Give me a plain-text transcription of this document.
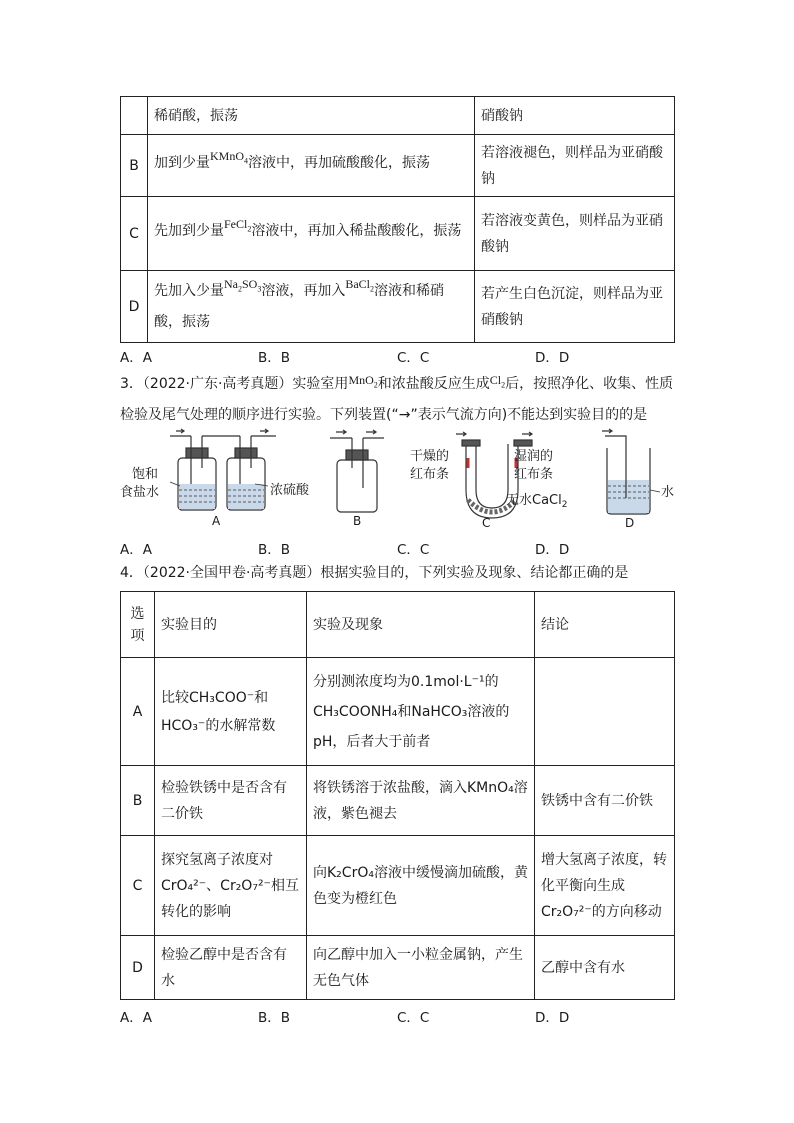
	稀硝酸，振荡	硝酸钠
B	加到少量KMnO$_4$溶液中，再加硫酸酸化，振荡	若溶液褪色，则样品为亚硝酸钠
C	先加到少量FeCl$_2$溶液中，再加入稀盐酸酸化，振荡	若溶液变黄色，则样品为亚硝酸钠
D	先加入少量$Na_2SO_3$溶液，再加入BaCl$_2$溶液和稀硝酸，振荡	若产生白色沉淀，则样品为亚硝酸钠
A．A	B．B	C．C	D．D
3．（2022·广东·高考真题）实验室用MnO$_2$和浓盐酸反应生成$Cl_2$后，按照净化、收集、性质检验及尾气处理的顺序进行实验。下列装置(“→”表示气流方向)不能达到实验目的的是
饱和
食盐水	浓硫酸
干燥的
红布条
湿润的
红布条
无水CaCl$_2$
水
A	B	C	D
A．A	B．B	C．C	D．D
4．（2022·全国甲卷·高考真题）根据实验目的，下列实验及现象、结论都正确的是
选项	实验目的	实验及现象	结论
A	比较CH₃COO⁻和HCO₃⁻的水解常数	分别测浓度均为0.1mol·L⁻¹的CH₃COONH₄和NaHCO₃溶液的pH，后者大于前者	
B	检验铁锈中是否含有二价铁	将铁锈溶于浓盐酸，滴入KMnO₄溶液，紫色褪去	铁锈中含有二价铁
C	探究氢离子浓度对CrO₄²⁻、Cr₂O₇²⁻相互转化的影响	向K₂CrO₄溶液中缓慢滴加硫酸，黄色变为橙红色	增大氢离子浓度，转化平衡向生成Cr₂O₇²⁻的方向移动
D	检验乙醇中是否含有水	向乙醇中加入一小粒金属钠，产生无色气体	乙醇中含有水
A．A	B．B	C．C	D．D
